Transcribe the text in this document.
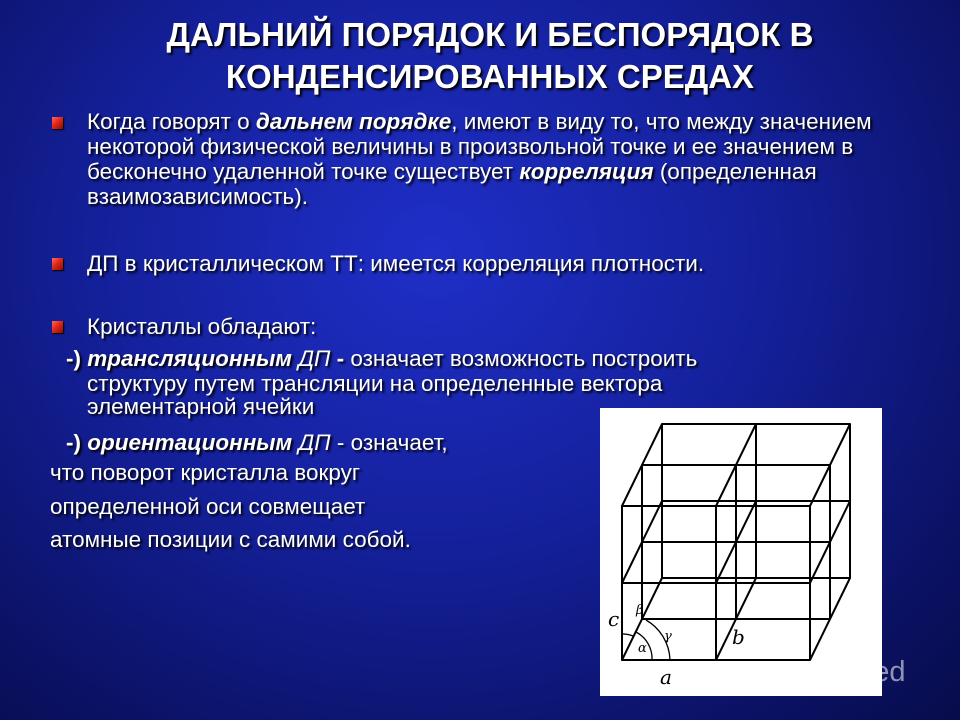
ДАЛЬНИЙ ПОРЯДОК И БЕСПОРЯДОК В
КОНДЕНСИРОВАННЫХ СРЕДАХ
Когда говорят о дальнем порядке, имеют в виду то, что между значением некоторой физической величины в произвольной точке и ее значением в бесконечно удаленной точке существует корреляция (определенная взаимозависимость).
ДП в кристаллическом ТТ: имеется корреляция плотности.
Кристаллы обладают:
-) трансляционным ДП - означает возможность построить
структуру путем трансляции на определенные вектора
элементарной ячейки
-) ориентационным ДП - означает,
что поворот кристалла вокруг
определенной оси совмещает
атомные позиции с самими собой.
c
b
a
α
β
γ
Shared
